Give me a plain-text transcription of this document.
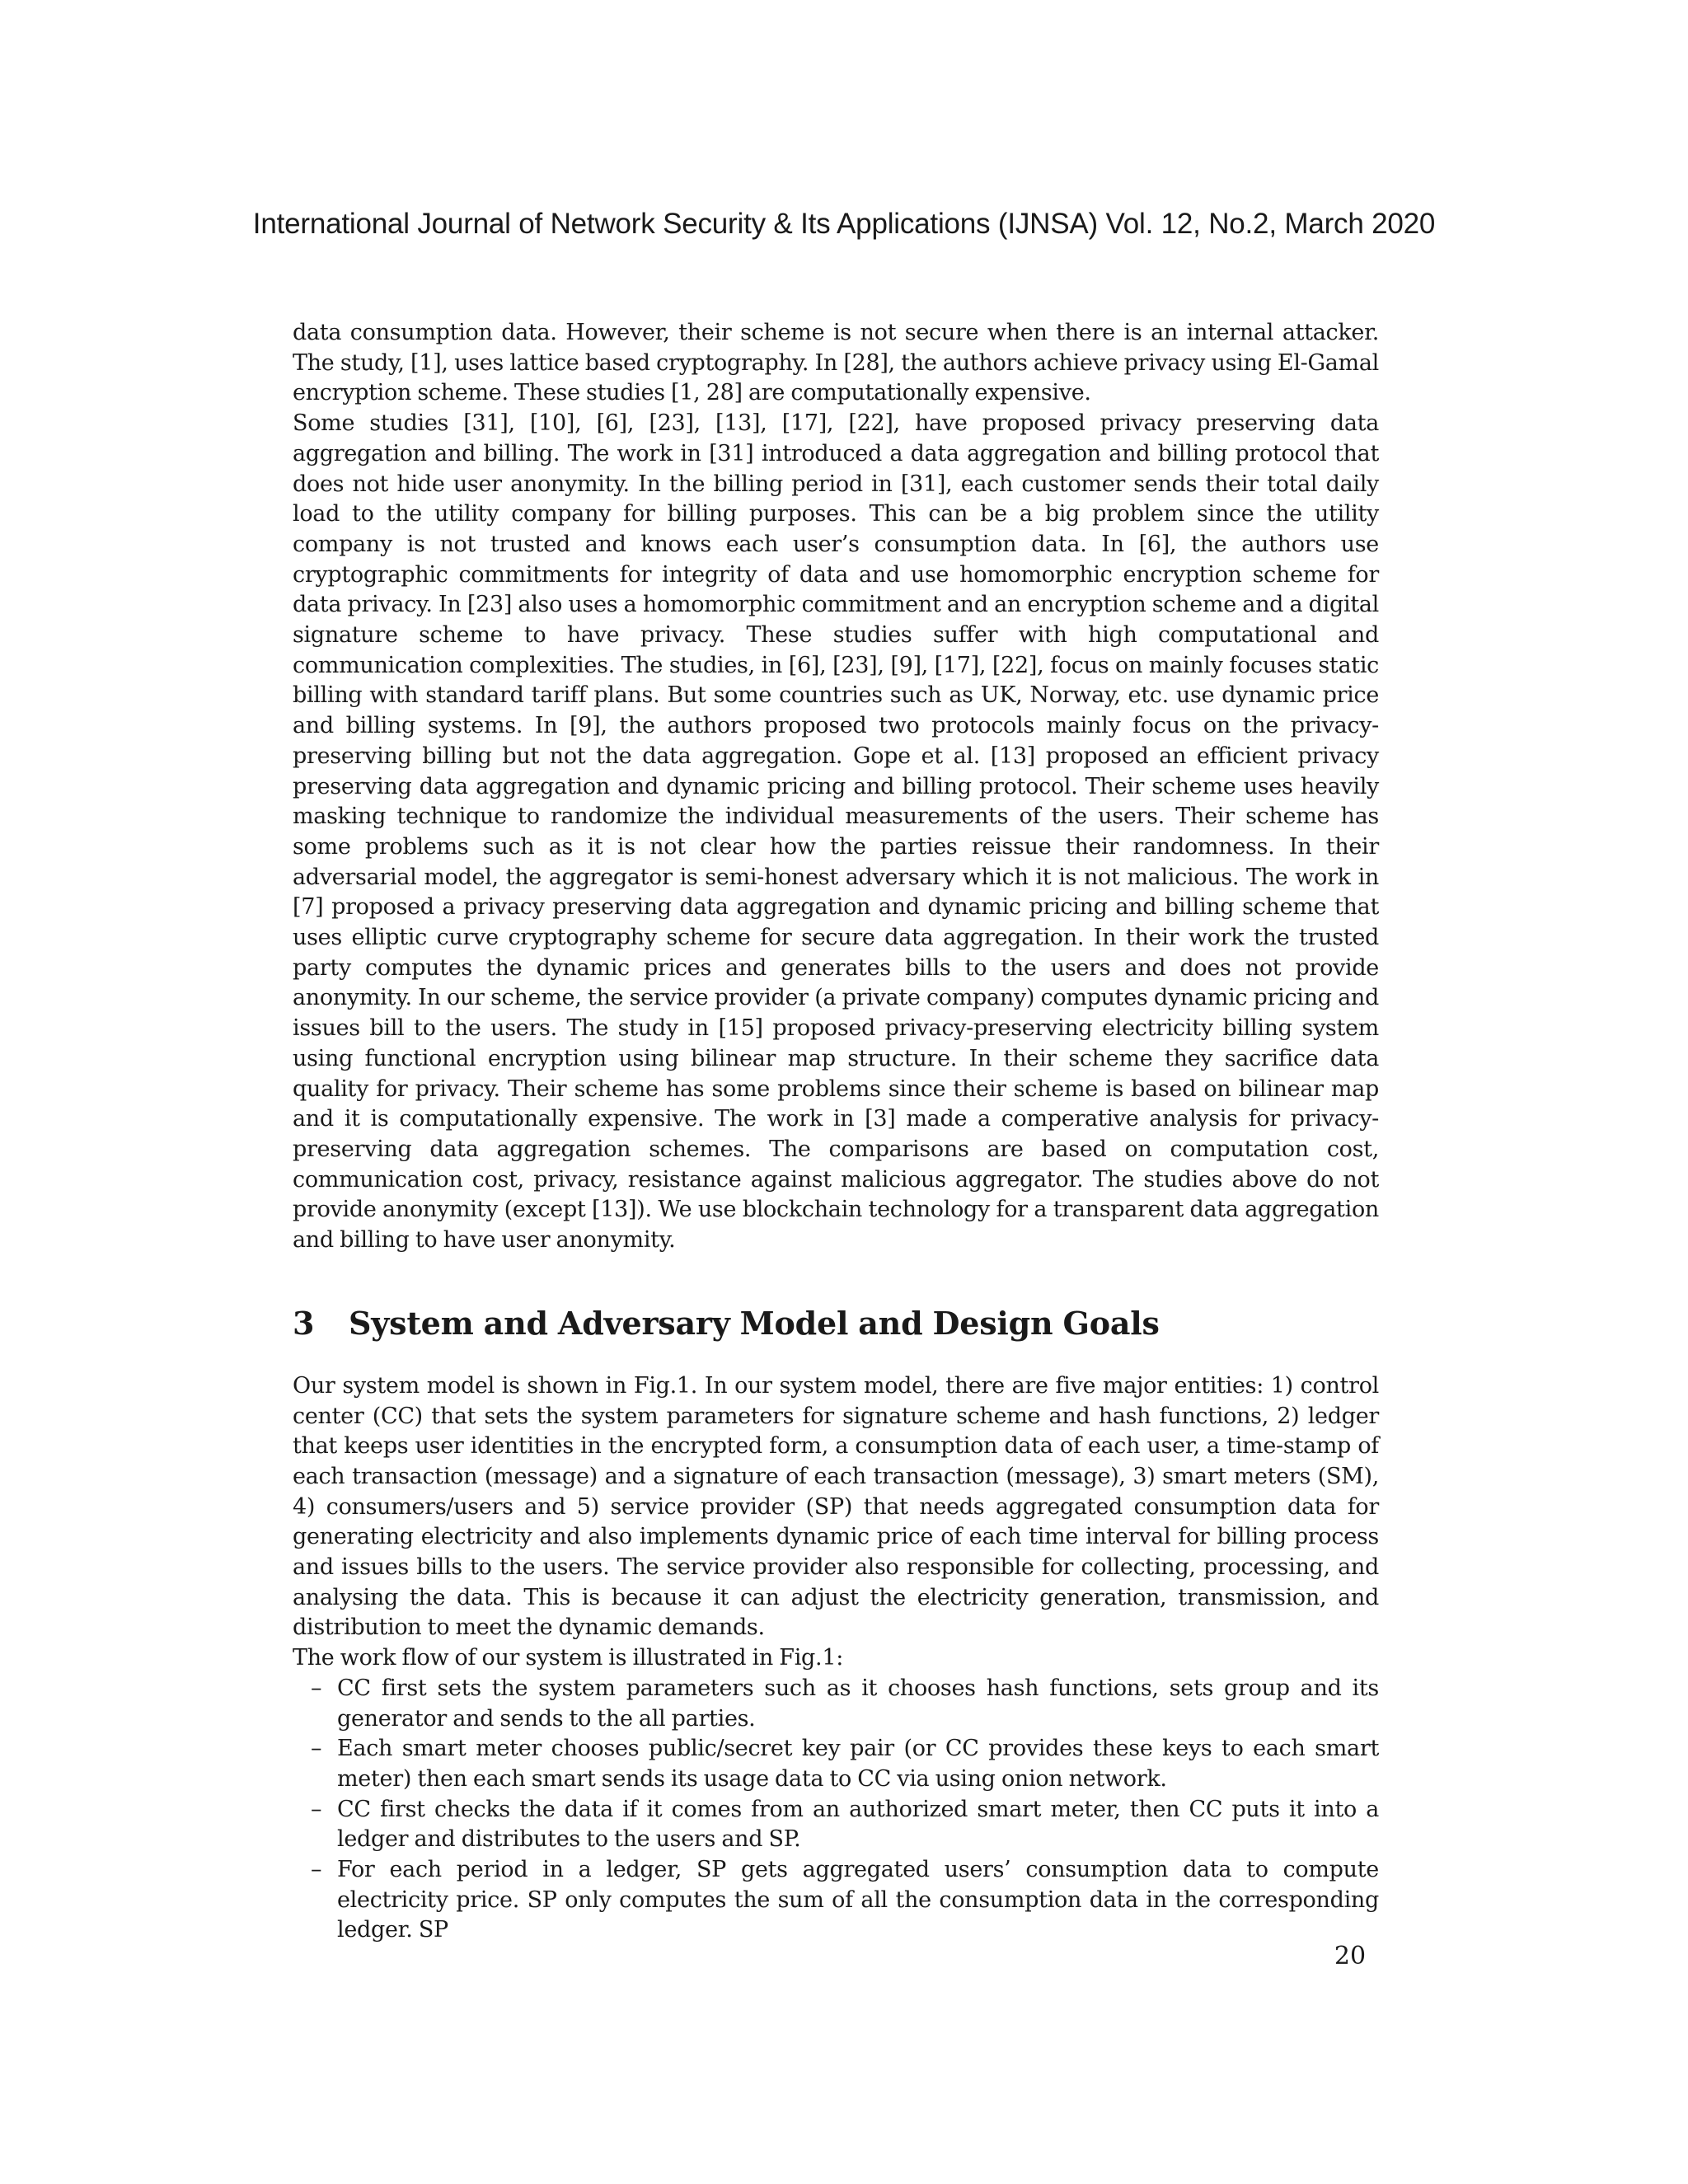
International Journal of Network Security & Its Applications (IJNSA) Vol. 12, No.2, March 2020

data consumption data. However, their scheme is not secure when there is an internal attacker. The study, [1], uses lattice based cryptography. In [28], the authors achieve privacy using El-Gamal encryption scheme. These studies [1, 28] are computationally expensive.

Some studies [31], [10], [6], [23], [13], [17], [22], have proposed privacy preserving data aggregation and billing. The work in [31] introduced a data aggregation and billing protocol that does not hide user anonymity. In the billing period in [31], each customer sends their total daily load to the utility company for billing purposes. This can be a big problem since the utility company is not trusted and knows each user’s consumption data. In [6], the authors use cryptographic commitments for integrity of data and use homomorphic encryption scheme for data privacy. In [23] also uses a homomorphic commitment and an encryption scheme and a digital signature scheme to have privacy. These studies suffer with high computational and communication complexities. The studies, in [6], [23], [9], [17], [22], focus on mainly focuses static billing with standard tariff plans. But some countries such as UK, Norway, etc. use dynamic price and billing systems. In [9], the authors proposed two protocols mainly focus on the privacy-preserving billing but not the data aggregation. Gope et al. [13] proposed an efficient privacy preserving data aggregation and dynamic pricing and billing protocol. Their scheme uses heavily masking technique to randomize the individual measurements of the users. Their scheme has some problems such as it is not clear how the parties reissue their randomness. In their adversarial model, the aggregator is semi-honest adversary which it is not malicious. The work in [7] proposed a privacy preserving data aggregation and dynamic pricing and billing scheme that uses elliptic curve cryptography scheme for secure data aggregation. In their work the trusted party computes the dynamic prices and generates bills to the users and does not provide anonymity. In our scheme, the service provider (a private company) computes dynamic pricing and issues bill to the users. The study in [15] proposed privacy-preserving electricity billing system using functional encryption using bilinear map structure. In their scheme they sacrifice data quality for privacy. Their scheme has some problems since their scheme is based on bilinear map and it is computationally expensive. The work in [3] made a comperative analysis for privacy-preserving data aggregation schemes. The comparisons are based on computation cost, communication cost, privacy, resistance against malicious aggregator. The studies above do not provide anonymity (except [13]). We use blockchain technology for a transparent data aggregation and billing to have user anonymity.

3 System and Adversary Model and Design Goals

Our system model is shown in Fig.1. In our system model, there are five major entities: 1) control center (CC) that sets the system parameters for signature scheme and hash functions, 2) ledger that keeps user identities in the encrypted form, a consumption data of each user, a time-stamp of each transaction (message) and a signature of each transaction (message), 3) smart meters (SM), 4) consumers/users and 5) service provider (SP) that needs aggregated consumption data for generating electricity and also implements dynamic price of each time interval for billing process and issues bills to the users. The service provider also responsible for collecting, processing, and analysing the data. This is because it can adjust the electricity generation, transmission, and distribution to meet the dynamic demands.

The work flow of our system is illustrated in Fig.1:

– CC first sets the system parameters such as it chooses hash functions, sets group and its generator and sends to the all parties.
– Each smart meter chooses public/secret key pair (or CC provides these keys to each smart meter) then each smart sends its usage data to CC via using onion network.
– CC first checks the data if it comes from an authorized smart meter, then CC puts it into a ledger and distributes to the users and SP.
– For each period in a ledger, SP gets aggregated users’ consumption data to compute electricity price. SP only computes the sum of all the consumption data in the corresponding ledger. SP
20
